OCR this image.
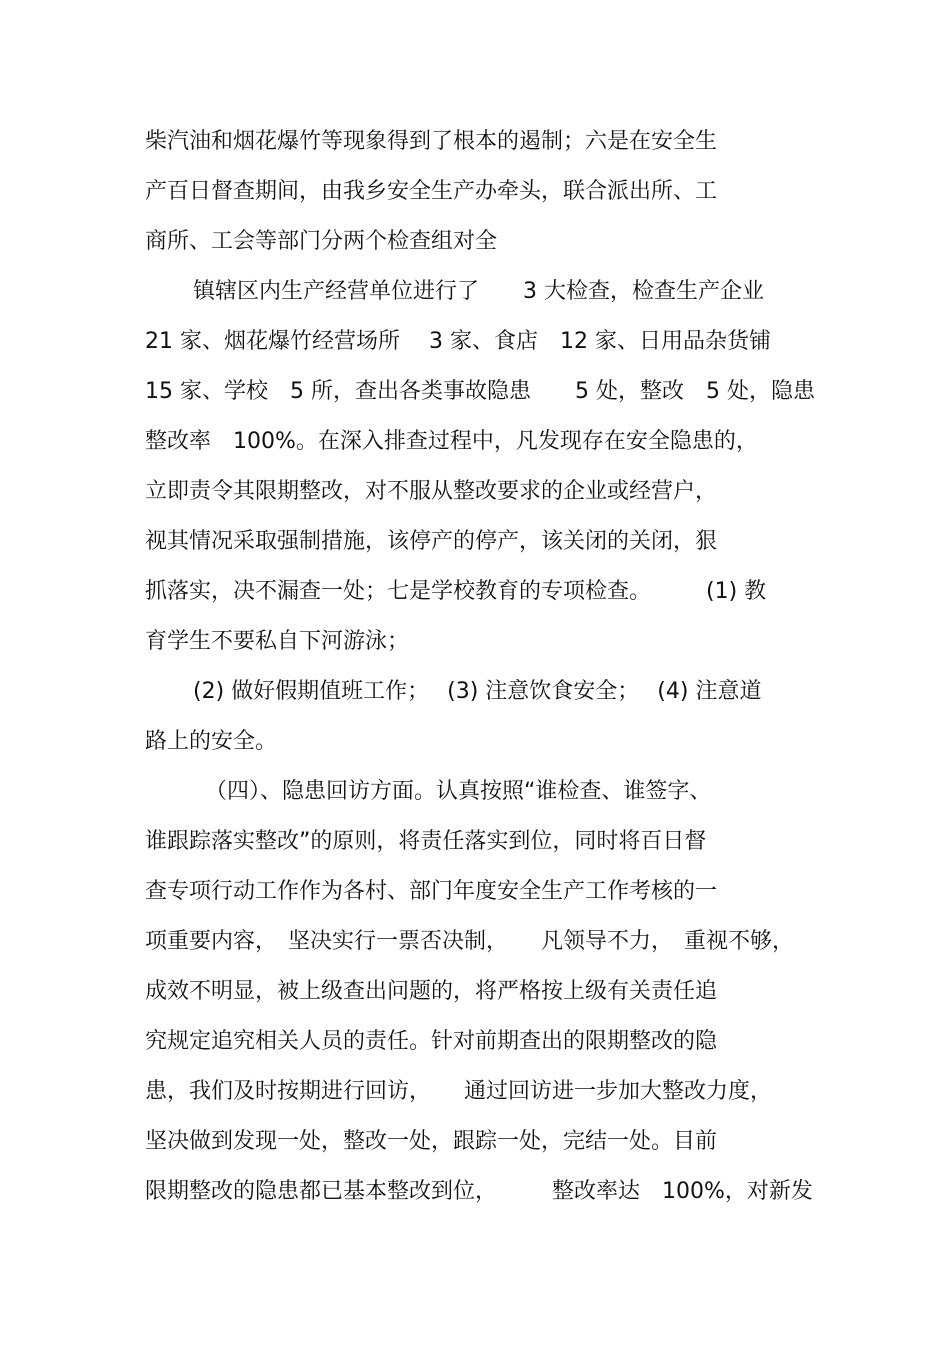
柴汽油和烟花爆竹等现象得到了根本的遏制；六是在安全生

产百日督查期间，由我乡安全生产办牵头，联合派出所、工

商所、工会等部门分两个检查组对全

镇辖区内生产经营单位进行了　　3 大检查，检查生产企业

21 家、烟花爆竹经营场所　 3 家、食店　12 家、日用品杂货铺

15 家、学校　5 所，查出各类事故隐患　　5 处，整改　5 处，隐患

整改率　100%。在深入排查过程中，凡发现存在安全隐患的，

立即责令其限期整改，对不服从整改要求的企业或经营户，

视其情况采取强制措施，该停产的停产，该关闭的关闭，狠

抓落实，决不漏查一处；七是学校教育的专项检查。　　　(1) 教

育学生不要私自下河游泳；

(2) 做好假期值班工作；　 (3) 注意饮食安全；　 (4) 注意道

路上的安全。

（四）、隐患回访方面。认真按照“谁检查、谁签字、

谁跟踪落实整改”的原则，将责任落实到位，同时将百日督

查专项行动工作作为各村、部门年度安全生产工作考核的一

项重要内容，　坚决实行一票否决制，　　凡领导不力，　重视不够，

成效不明显，被上级查出问题的，将严格按上级有关责任追

究规定追究相关人员的责任。针对前期查出的限期整改的隐

患，我们及时按期进行回访，　　通过回访进一步加大整改力度，

坚决做到发现一处，整改一处，跟踪一处，完结一处。目前

限期整改的隐患都已基本整改到位，　　　整改率达　100%，对新发
